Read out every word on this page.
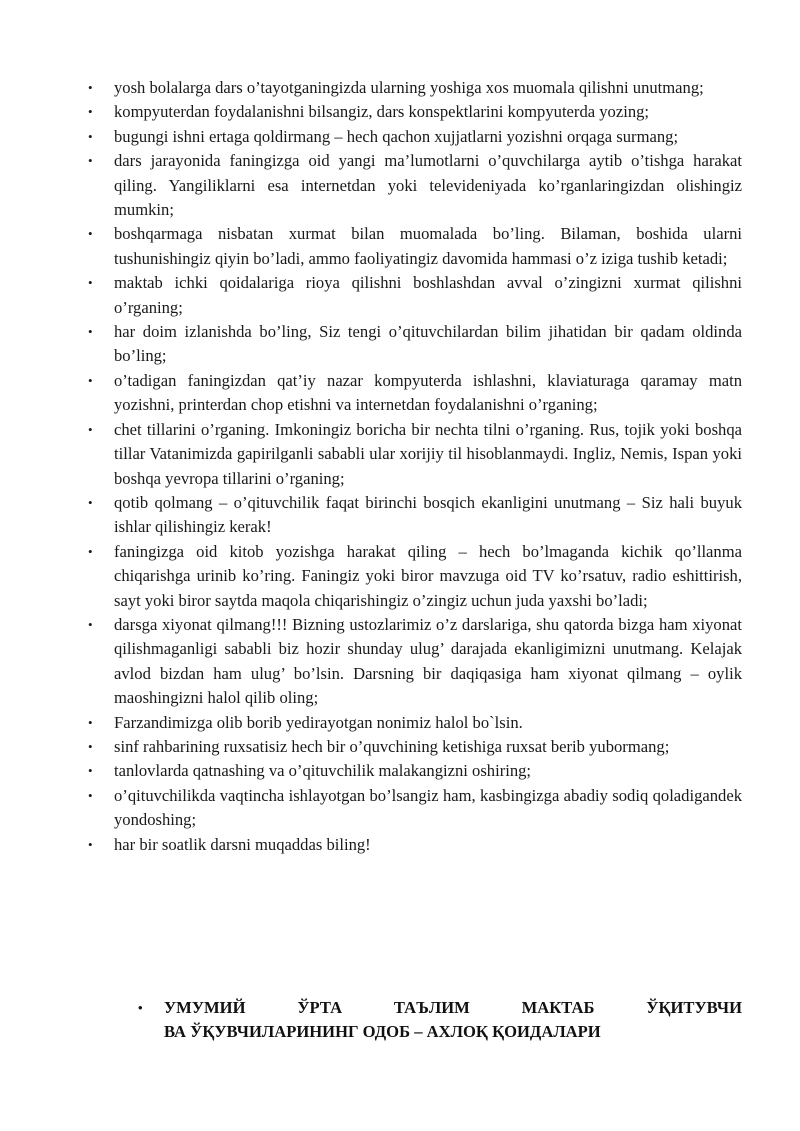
• yosh bolalarga dars o’tayotganingizda ularning yoshiga xos muomala qilishni unutmang;
• kompyuterdan foydalanishni bilsangiz, dars konspektlarini kompyuterda yozing;
• bugungi ishni ertaga qoldirmang – hech qachon xujjatlarni yozishni orqaga surmang;
• dars jarayonida faningizga oid yangi ma’lumotlarni o’quvchilarga aytib o’tishga harakat qiling. Yangiliklarni esa internetdan yoki televideniyada ko’rganlaringizdan olishingiz mumkin;
• boshqarmaga nisbatan xurmat bilan muomalada bo’ling. Bilaman, boshida ularni tushunishingiz qiyin bo’ladi, ammo faoliyatingiz davomida hammasi o’z iziga tushib ketadi;
• maktab ichki qoidalariga rioya qilishni boshlashdan avval o’zingizni xurmat qilishni o’rganing;
• har doim izlanishda bo’ling, Siz tengi o’qituvchilardan bilim jihatidan bir qadam oldinda bo’ling;
• o’tadigan faningizdan qat’iy nazar kompyuterda ishlashni, klaviaturaga qaramay matn yozishni, printerdan chop etishni va internetdan foydalanishni o’rganing;
• chet tillarini o’rganing. Imkoningiz boricha bir nechta tilni o’rganing. Rus, tojik yoki boshqa tillar Vatanimizda gapirilganli sababli ular xorijiy til hisoblanmaydi. Ingliz, Nemis, Ispan yoki boshqa yevropa tillarini o’rganing;
• qotib qolmang – o’qituvchilik faqat birinchi bosqich ekanligini unutmang – Siz hali buyuk ishlar qilishingiz kerak!
• faningizga oid kitob yozishga harakat qiling – hech bo’lmaganda kichik qo’llanma chiqarishga urinib ko’ring. Faningiz yoki biror mavzuga oid TV ko’rsatuv, radio eshittirish, sayt yoki biror saytda maqola chiqarishingiz o’zingiz uchun juda yaxshi bo’ladi;
• darsga xiyonat qilmang!!! Bizning ustozlarimiz o’z darslariga, shu qatorda bizga ham xiyonat qilishmaganligi sababli biz hozir shunday ulug’ darajada ekanligimizni unutmang. Kelajak avlod bizdan ham ulug’ bo’lsin. Darsning bir daqiqasiga ham xiyonat qilmang – oylik maoshingizni halol qilib oling;
• Farzandimizga olib borib yedirayotgan nonimiz halol bo`lsin.
• sinf rahbarining ruxsatisiz hech bir o’quvchining ketishiga ruxsat berib yubormang;
• tanlovlarda qatnashing va o’qituvchilik malakangizni oshiring;
• o’qituvchilikda vaqtincha ishlayotgan bo’lsangiz ham, kasbingizga abadiy sodiq qoladigandek yondoshing;
• har bir soatlik darsni muqaddas biling!
• УМУМИЙ ЎРТА ТАЪЛИМ МАКТАБ ЎҚИТУВЧИ
ВА ЎҚУВЧИЛАРИНИНГ ОДОБ – АХЛОҚ ҚОИДАЛАРИ
